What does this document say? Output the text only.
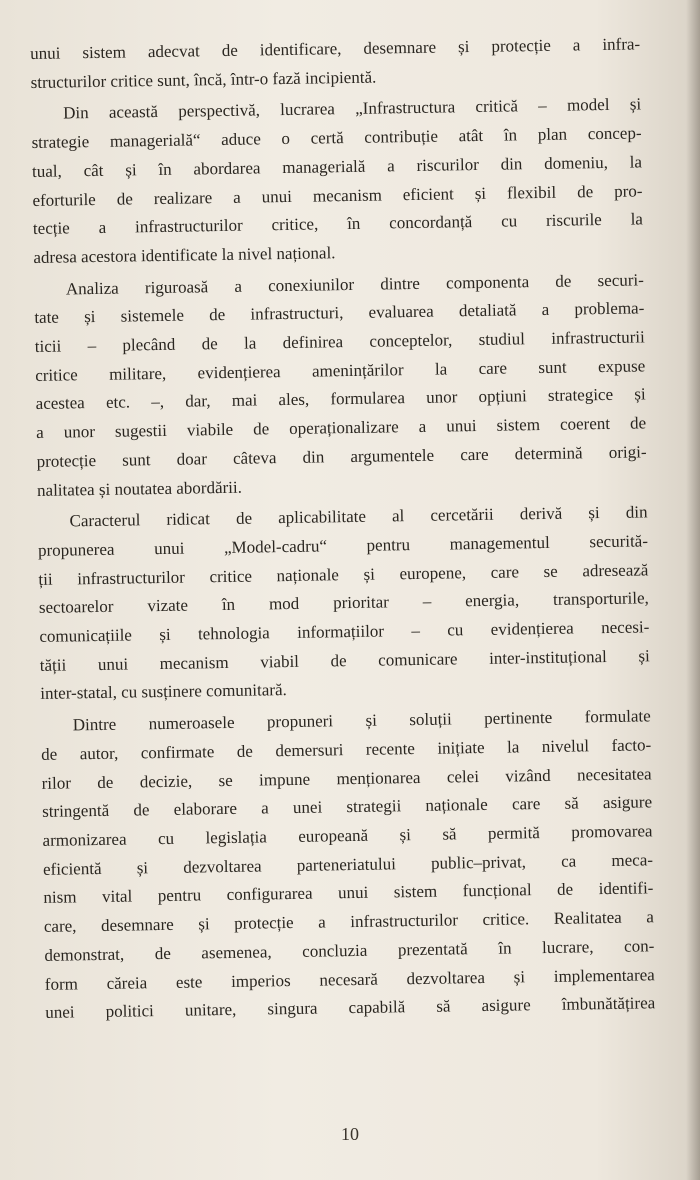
unui sistem adecvat de identificare, desemnare și protecție a infra-
structurilor critice sunt, încă, într-o fază incipientă.

Din această perspectivă, lucrarea „Infrastructura critică – model și
strategie managerială“ aduce o certă contribuție atât în plan concep-
tual, cât și în abordarea managerială a riscurilor din domeniu, la
eforturile de realizare a unui mecanism eficient și flexibil de pro-
tecție a infrastructurilor critice, în concordanță cu riscurile la
adresa acestora identificate la nivel național.

Analiza riguroasă a conexiunilor dintre componenta de securi-
tate și sistemele de infrastructuri, evaluarea detaliată a problema-
ticii – plecând de la definirea conceptelor, studiul infrastructurii
critice militare, evidențierea amenințărilor la care sunt expuse
acestea etc. –, dar, mai ales, formularea unor opțiuni strategice și
a unor sugestii viabile de operaționalizare a unui sistem coerent de
protecție sunt doar câteva din argumentele care determină origi-
nalitatea și noutatea abordării.

Caracterul ridicat de aplicabilitate al cercetării derivă și din
propunerea unui „Model-cadru“ pentru managementul securită-
ții infrastructurilor critice naționale și europene, care se adresează
sectoarelor vizate în mod prioritar – energia, transporturile,
comunicațiile și tehnologia informațiilor – cu evidențierea necesi-
tății unui mecanism viabil de comunicare inter-instituțional și
inter-statal, cu susținere comunitară.

Dintre numeroasele propuneri și soluții pertinente formulate
de autor, confirmate de demersuri recente inițiate la nivelul facto-
rilor de decizie, se impune menționarea celei vizând necesitatea
stringentă de elaborare a unei strategii naționale care să asigure
armonizarea cu legislația europeană și să permită promovarea
eficientă și dezvoltarea parteneriatului public–privat, ca meca-
nism vital pentru configurarea unui sistem funcțional de identifi-
care, desemnare și protecție a infrastructurilor critice. Realitatea a
demonstrat, de asemenea, concluzia prezentată în lucrare, con-
form căreia este imperios necesară dezvoltarea și implementarea
unei politici unitare, singura capabilă să asigure îmbunătățirea

10
